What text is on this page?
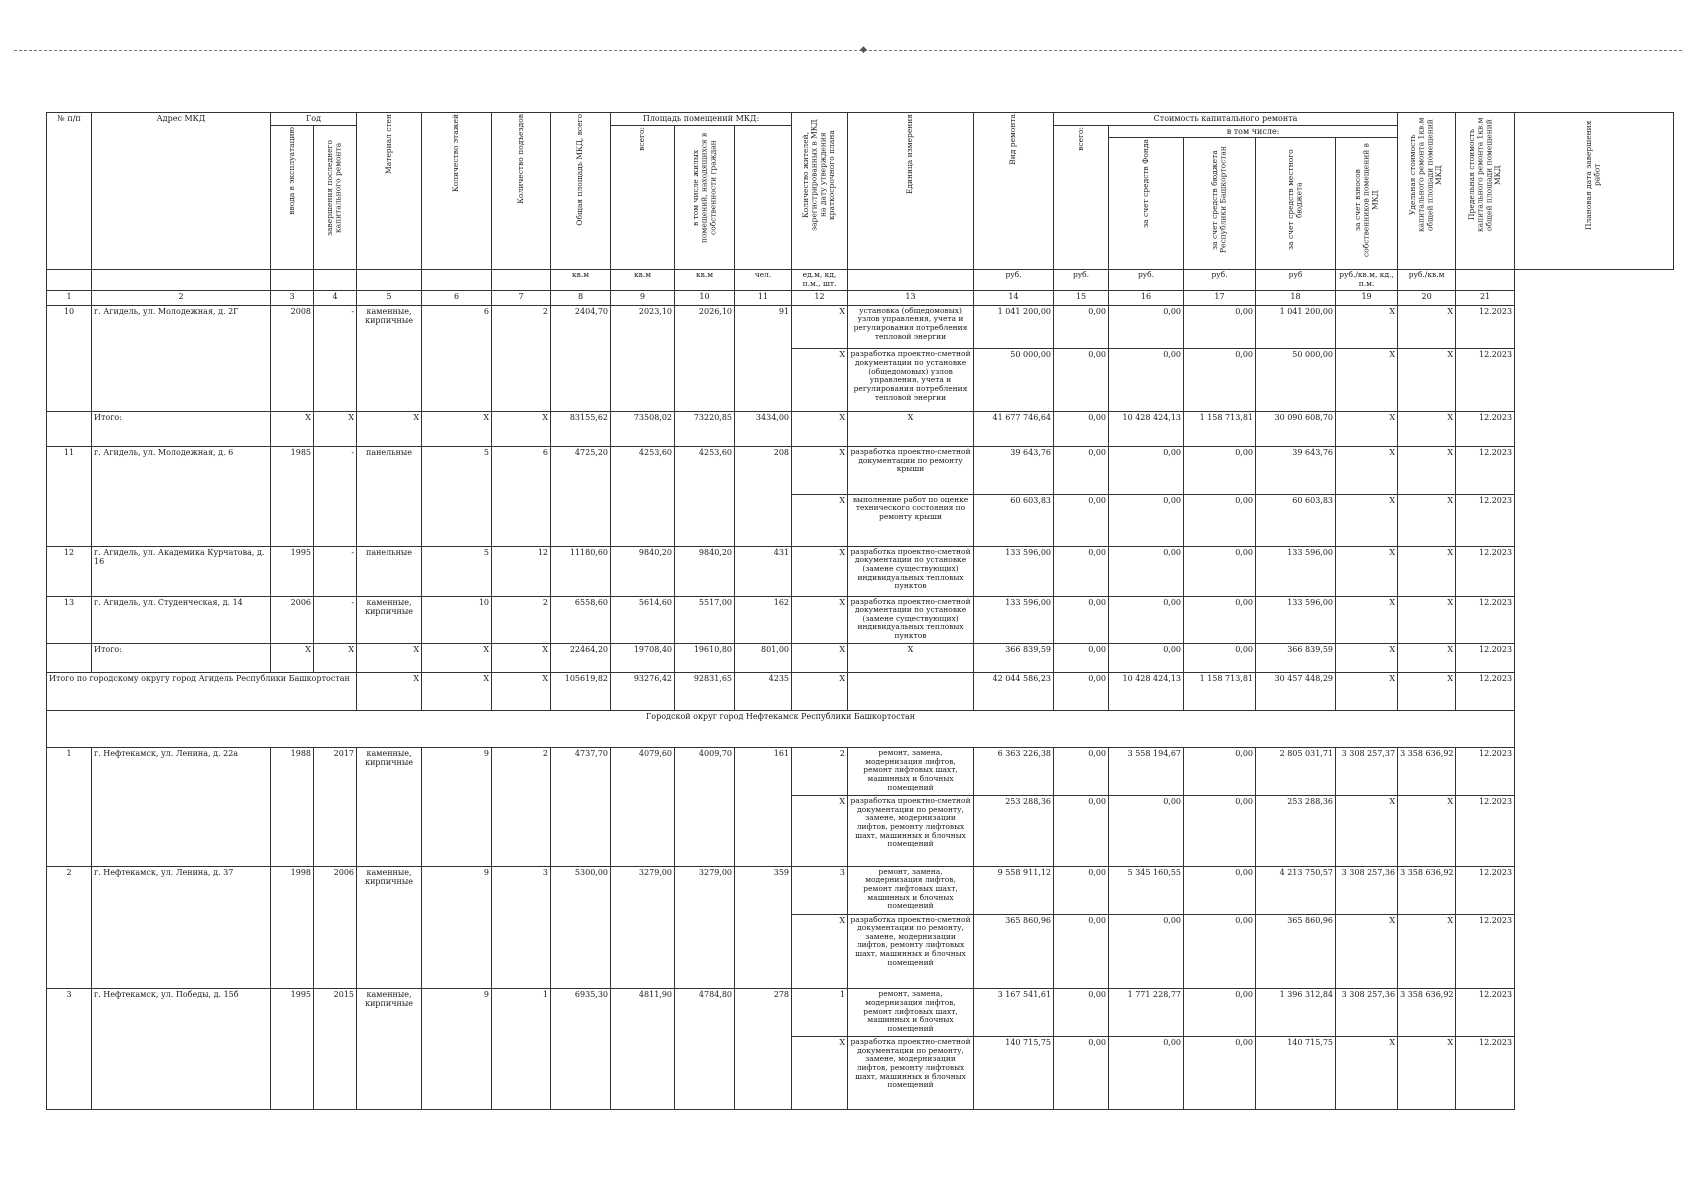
◆
№ п/п	Адрес МКД	Год		Материал стен	Количество этажей	Количество подъездов	Общая площадь МКД, всего	Площадь помещений МКД:			Количество жителей, зарегистрированных в МКД на дату утверждения краткосрочного плана	Единица измерения	Вид ремонта	Стоимость капитального ремонта					Удельная стоимость капитального ремонта 1кв.м общей площади помещений МКД	Предельная стоимость капитального ремонта 1кв.м общей площади помещений МКД	Плановая дата завершения работ
		ввода в эксплуатацию	завершения последнего капитального ремонта					всего:	в том числе жилых помещений, находящихся в собственности граждан					всего:	в том числе:						
															за счет средств Фонда	за счет средств бюджета Республики Башкортостан	за счет средств местного бюджета	за счет взносов собственников помещений в МКД			
							кв.м	кв.м	кв.м	чел.	ед.м, кд, п.м., шт.		руб.	руб.	руб.	руб.	руб	руб./кв.м, кд., п.м.	руб./кв.м		
1	2	3	4	5	6	7	8	9	10	11	12	13	14	15	16	17	18	19	20	21	
10	г. Агидель, ул. Молодежная, д. 2Г	2008	-	каменные, кирпичные	6	2	2404,70	2023,10	2026,10	91	X	установка (общедомовых) узлов управления, учета и регулирования потребления тепловой энергии	1 041 200,00	0,00	0,00	0,00	1 041 200,00	X	X	12.2023	
											X	разработка проектно-сметной документации по установке (общедомовых) узлов управления, учета и регулирования потребления тепловой энергии	50 000,00	0,00	0,00	0,00	50 000,00	X	X	12.2023	
	Итого:	X	X	X	X	X	83155,62	73508,02	73220,85	3434,00	X	X	41 677 746,64	0,00	10 428 424,13	1 158 713,81	30 090 608,70	X	X	12.2023	
11	г. Агидель, ул. Молодежная, д. 6	1985	-	панельные	5	6	4725,20	4253,60	4253,60	208	X	разработка проектно-сметной документации по ремонту крыши	39 643,76	0,00	0,00	0,00	39 643,76	X	X	12.2023	
											X	выполнение работ по оценке технического состояния по ремонту крыши	60 603,83	0,00	0,00	0,00	60 603,83	X	X	12.2023	
12	г. Агидель, ул. Академика Курчатова, д. 16	1995	-	панельные	5	12	11180,60	9840,20	9840,20	431	X	разработка проектно-сметной документации по установке (замене существующих) индивидуальных тепловых пунктов	133 596,00	0,00	0,00	0,00	133 596,00	X	X	12.2023	
13	г. Агидель, ул. Студенческая, д. 14	2006	-	каменные, кирпичные	10	2	6558,60	5614,60	5517,00	162	X	разработка проектно-сметной документации по установке (замене существующих) индивидуальных тепловых пунктов	133 596,00	0,00	0,00	0,00	133 596,00	X	X	12.2023	
	Итого:	X	X	X	X	X	22464,20	19708,40	19610,80	801,00	X	X	366 839,59	0,00	0,00	0,00	366 839,59	X	X	12.2023	
Итого по городскому округу город Агидель Республики Башкортостан				X	X	X	105619,82	93276,42	92831,65	4235	X		42 044 586,23	0,00	10 428 424,13	1 158 713,81	30 457 448,29	X	X	12.2023	
Городской округ город Нефтекамск Республики Башкортостан																					
1	г. Нефтекамск, ул. Ленина, д. 22а	1988	2017	каменные, кирпичные	9	2	4737,70	4079,60	4009,70	161	2	ремонт, замена, модернизация лифтов, ремонт лифтовых шахт, машинных и блочных помещений	6 363 226,38	0,00	3 558 194,67	0,00	2 805 031,71	3 308 257,37	3 358 636,92	12.2023	
											X	разработка проектно-сметной документации по ремонту, замене, модернизации лифтов, ремонту лифтовых шахт, машинных и блочных помещений	253 288,36	0,00	0,00	0,00	253 288,36	X	X	12.2023	
2	г. Нефтекамск, ул. Ленина, д. 37	1998	2006	каменные, кирпичные	9	3	5300,00	3279,00	3279,00	359	3	ремонт, замена, модернизация лифтов, ремонт лифтовых шахт, машинных и блочных помещений	9 558 911,12	0,00	5 345 160,55	0,00	4 213 750,57	3 308 257,36	3 358 636,92	12.2023	
											X	разработка проектно-сметной документации по ремонту, замене, модернизации лифтов, ремонту лифтовых шахт, машинных и блочных помещений	365 860,96	0,00	0,00	0,00	365 860,96	X	X	12.2023	
3	г. Нефтекамск, ул. Победы, д. 15б	1995	2015	каменные, кирпичные	9	1	6935,30	4811,90	4784,80	278	1	ремонт, замена, модернизация лифтов, ремонт лифтовых шахт, машинных и блочных помещений	3 167 541,61	0,00	1 771 228,77	0,00	1 396 312,84	3 308 257,36	3 358 636,92	12.2023	
											X	разработка проектно-сметной документации по ремонту, замене, модернизации лифтов, ремонту лифтовых шахт, машинных и блочных помещений	140 715,75	0,00	0,00	0,00	140 715,75	X	X	12.2023	
